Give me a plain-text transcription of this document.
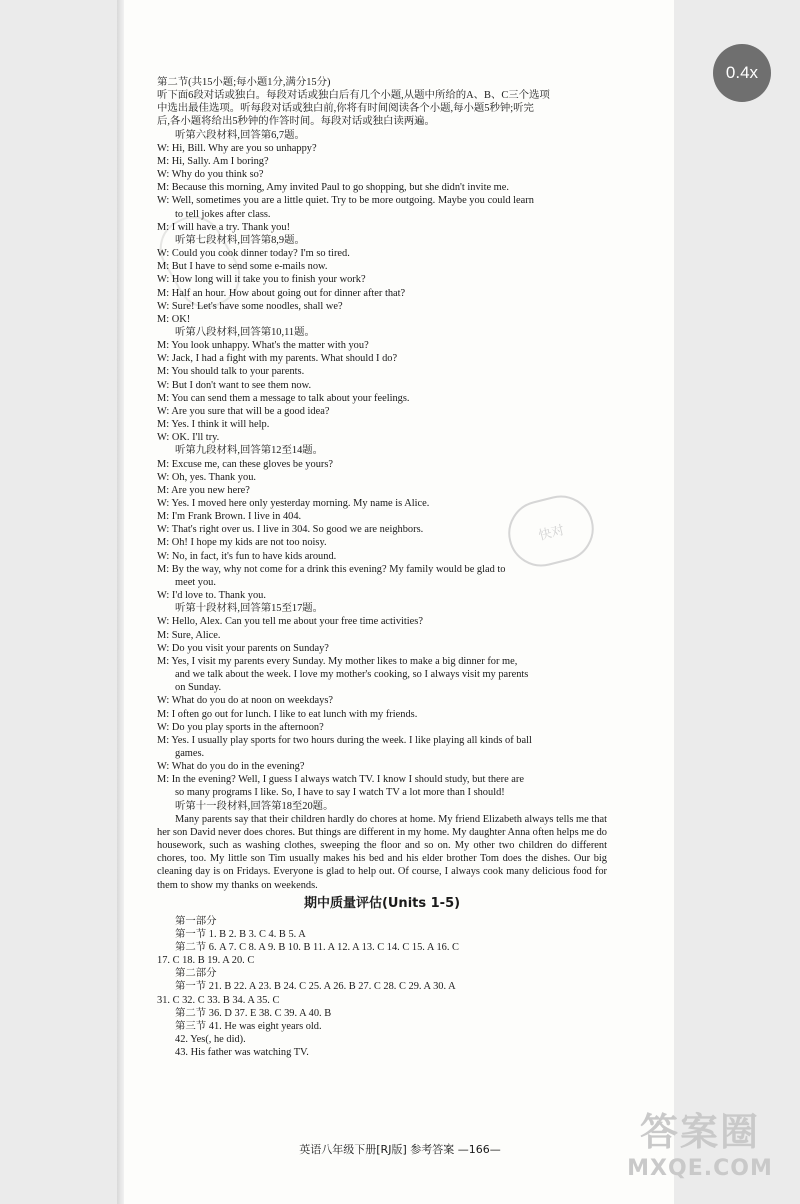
第二节(共15小题;每小题1分,满分15分)
听下面6段对话或独白。每段对话或独白后有几个小题,从题中所给的A、B、C三个选项
中选出最佳选项。听每段对话或独白前,你将有时间阅读各个小题,每小题5秒钟;听完
后,各小题将给出5秒钟的作答时间。每段对话或独白读两遍。
听第六段材料,回答第6,7题。
W: Hi, Bill. Why are you so unhappy?
M: Hi, Sally. Am I boring?
W: Why do you think so?
M: Because this morning, Amy invited Paul to go shopping, but she didn't invite me.
W: Well, sometimes you are a little quiet. Try to be more outgoing. Maybe you could learn
to tell jokes after class.
M: I will have a try. Thank you!
听第七段材料,回答第8,9题。
W: Could you cook dinner today? I'm so tired.
M: But I have to send some e-mails now.
W: How long will it take you to finish your work?
M: Half an hour. How about going out for dinner after that?
W: Sure! Let's have some noodles, shall we?
M: OK!
听第八段材料,回答第10,11题。
M: You look unhappy. What's the matter with you?
W: Jack, I had a fight with my parents. What should I do?
M: You should talk to your parents.
W: But I don't want to see them now.
M: You can send them a message to talk about your feelings.
W: Are you sure that will be a good idea?
M: Yes. I think it will help.
W: OK. I'll try.
听第九段材料,回答第12至14题。
M: Excuse me, can these gloves be yours?
W: Oh, yes. Thank you.
M: Are you new here?
W: Yes. I moved here only yesterday morning. My name is Alice.
M: I'm Frank Brown. I live in 404.
W: That's right over us. I live in 304. So good we are neighbors.
M: Oh! I hope my kids are not too noisy.
W: No, in fact, it's fun to have kids around.
M: By the way, why not come for a drink this evening? My family would be glad to
meet you.
W: I'd love to. Thank you.
听第十段材料,回答第15至17题。
W: Hello, Alex. Can you tell me about your free time activities?
M: Sure, Alice.
W: Do you visit your parents on Sunday?
M: Yes, I visit my parents every Sunday. My mother likes to make a big dinner for me,
and we talk about the week. I love my mother's cooking, so I always visit my parents
on Sunday.
W: What do you do at noon on weekdays?
M: I often go out for lunch. I like to eat lunch with my friends.
W: Do you play sports in the afternoon?
M: Yes. I usually play sports for two hours during the week. I like playing all kinds of ball
games.
W: What do you do in the evening?
M: In the evening? Well, I guess I always watch TV. I know I should study, but there are
so many programs I like. So, I have to say I watch TV a lot more than I should!
听第十一段材料,回答第18至20题。
Many parents say that their children hardly do chores at home. My friend Elizabeth always tells me that her son David never does chores. But things are different in my home. My daughter Anna often helps me do housework, such as washing clothes, sweeping the floor and so on. My other two children do different chores, too. My little son Tim usually makes his bed and his elder brother Tom does the dishes. Our big cleaning day is on Fridays. Everyone is glad to help out. Of course, I always cook many delicious food for them to show my thanks on weekends.
期中质量评估(Units 1-5)
第一部分
第一节 1. B 2. B 3. C 4. B 5. A
第二节 6. A 7. C 8. A 9. B 10. B 11. A 12. A 13. C 14. C 15. A 16. C
17. C 18. B 19. A 20. C
第二部分
第一节 21. B 22. A 23. B 24. C 25. A 26. B 27. C 28. C 29. A 30. A
31. C 32. C 33. B 34. A 35. C
第二节 36. D 37. E 38. C 39. A 40. B
第三节 41. He was eight years old.
42. Yes(, he did).
43. His father was watching TV.
英语八年级下册[RJ版] 参考答案 —166—
0.4x
快对
答案圈
MXQE.COM
